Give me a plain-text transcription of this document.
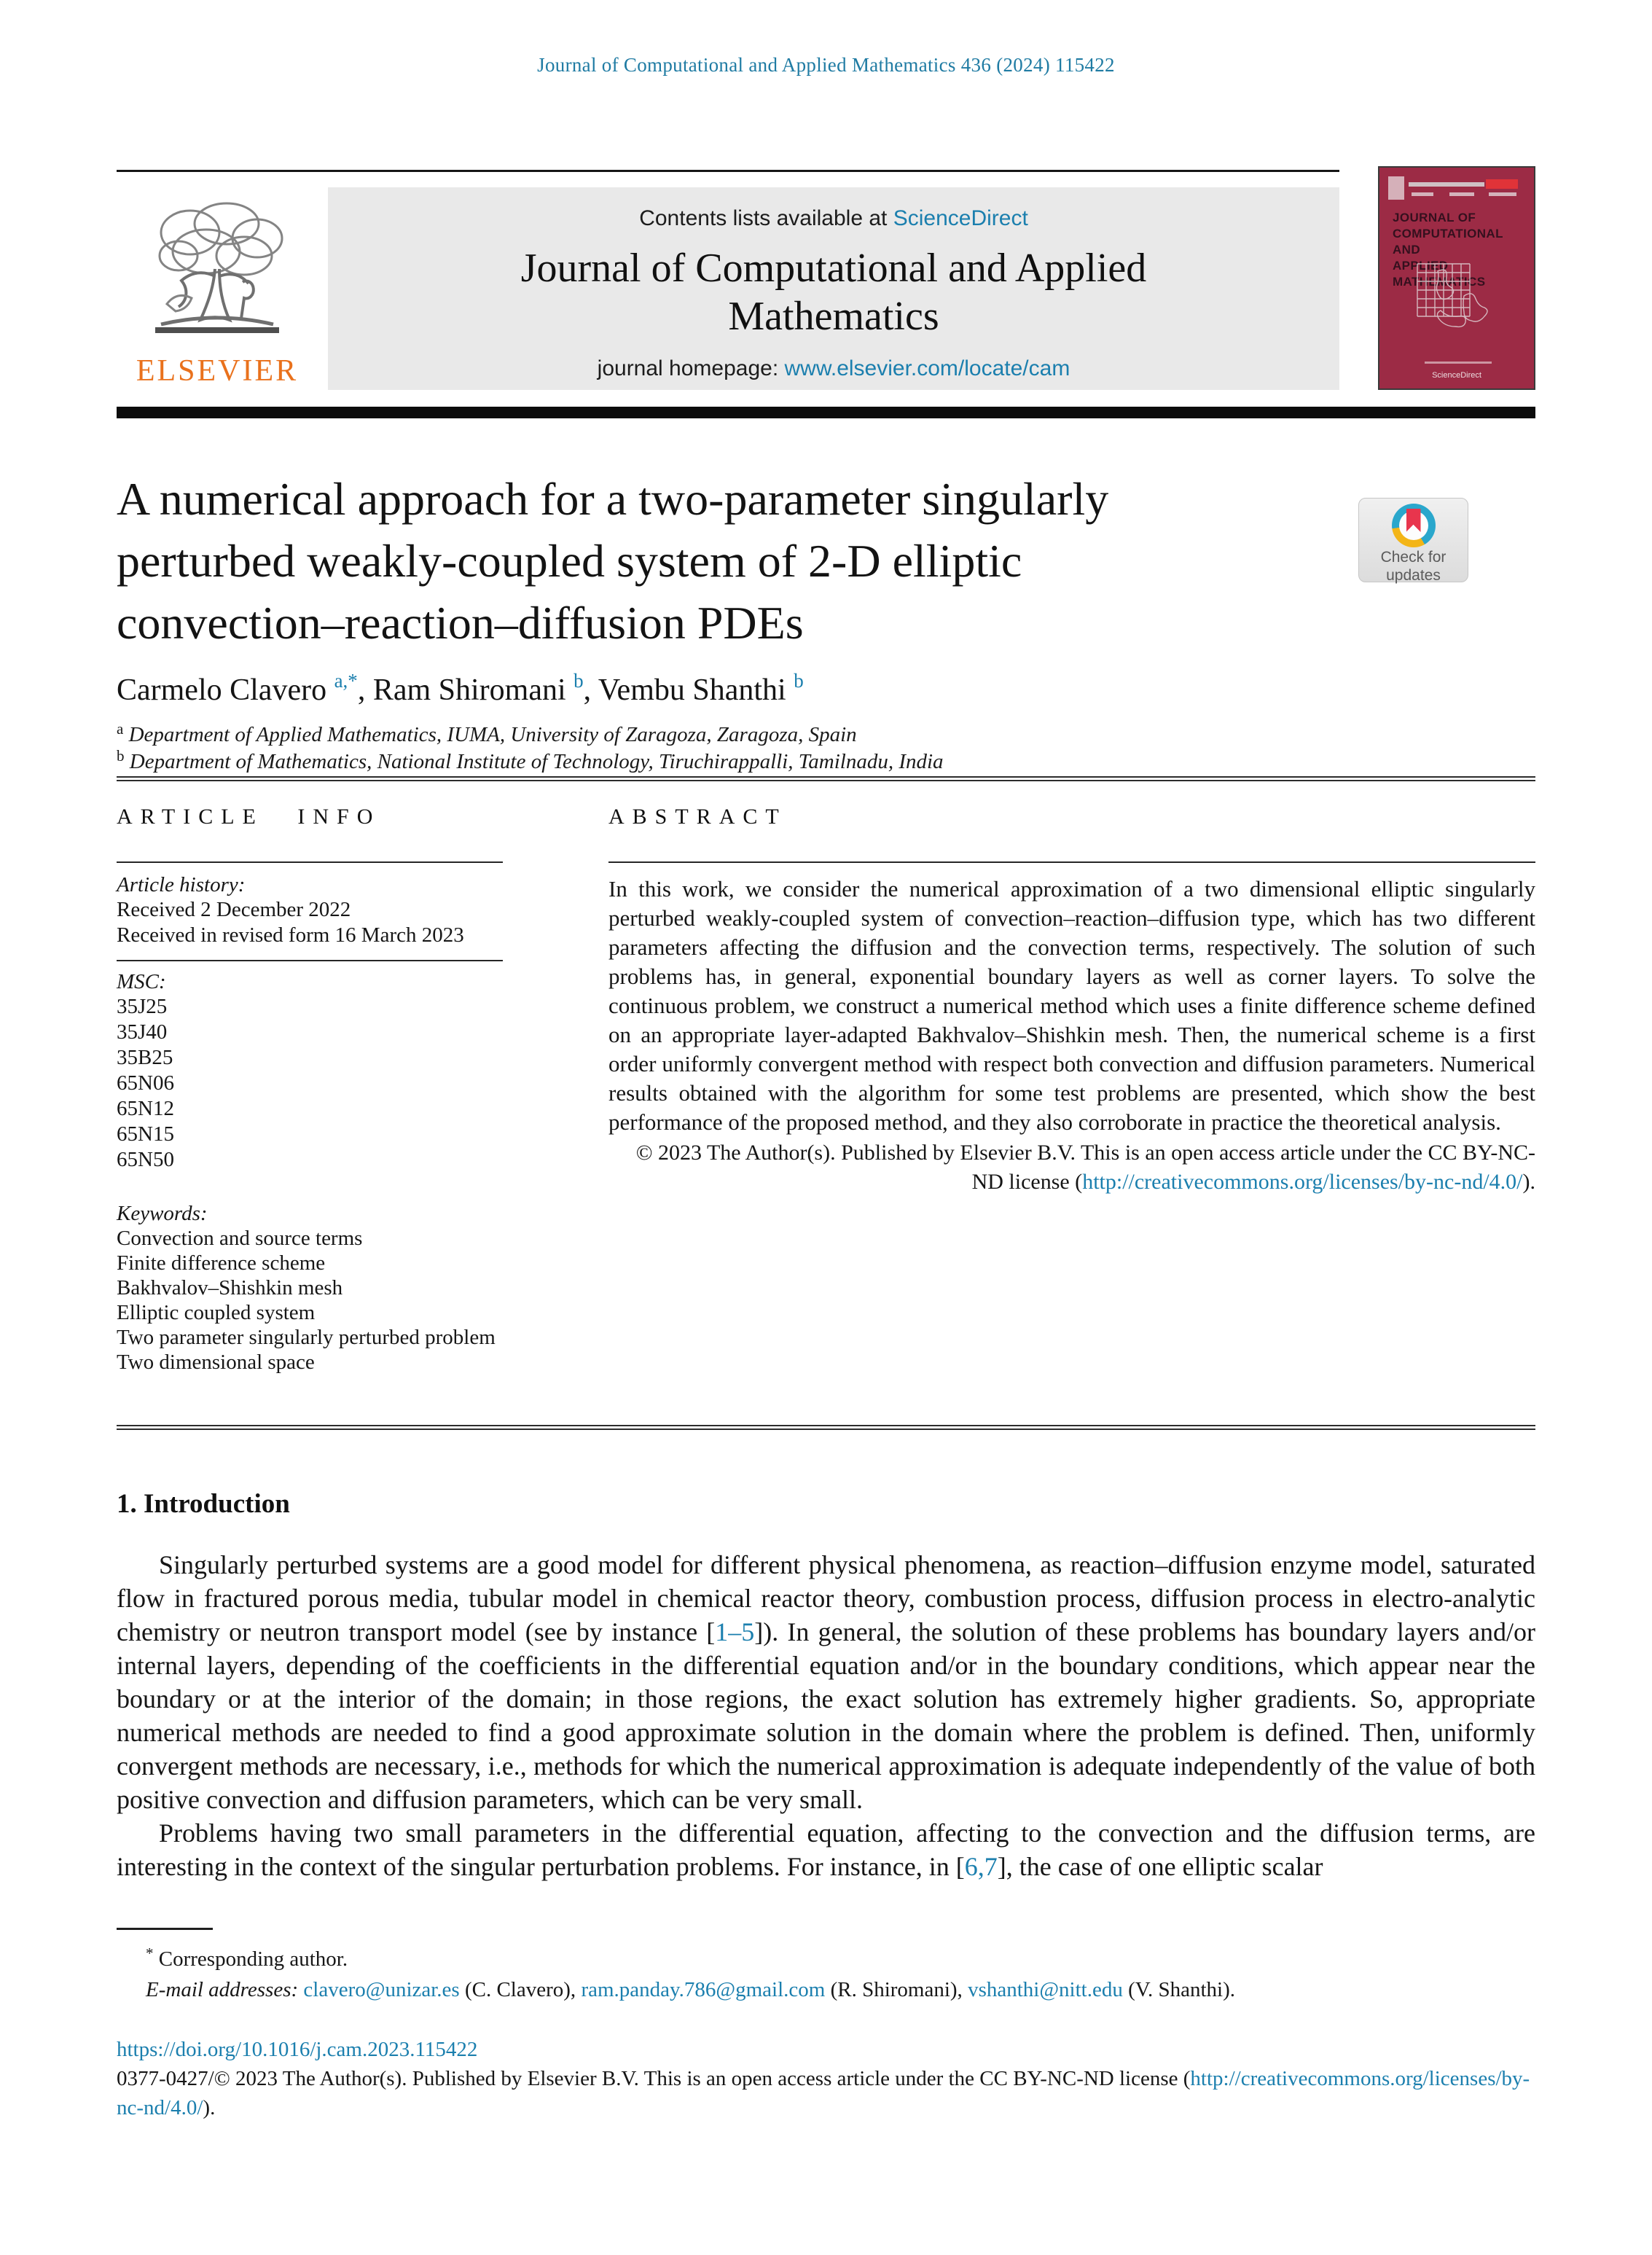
Journal of Computational and Applied Mathematics 436 (2024) 115422
ELSEVIER
Contents lists available at ScienceDirect
Journal of Computational and Applied
Mathematics
journal homepage: www.elsevier.com/locate/cam
JOURNAL OF
COMPUTATIONAL AND
APPLIED MATHEMATICS
ScienceDirect
A numerical approach for a two-parameter singularly
perturbed weakly-coupled system of 2-D elliptic
convection–reaction–diffusion PDEs
Carmelo Clavero $^{a,*}$, Ram Shiromani $^b$, Vembu Shanthi $^b$
$^a$ Department of Applied Mathematics, IUMA, University of Zaragoza, Zaragoza, Spain
$^b$ Department of Mathematics, National Institute of Technology, Tiruchirappalli, Tamilnadu, India
Check for
updates
ARTICLE INFO
Article history:
Received 2 December 2022
Received in revised form 16 March 2023
MSC:
35J25
35J40
35B25
65N06
65N12
65N15
65N50
Keywords:
Convection and source terms
Finite difference scheme
Bakhvalov–Shishkin mesh
Elliptic coupled system
Two parameter singularly perturbed problem
Two dimensional space
ABSTRACT
In this work, we consider the numerical approximation of a two dimensional elliptic singularly perturbed weakly-coupled system of convection–reaction–diffusion type, which has two different parameters affecting the diffusion and the convection terms, respectively. The solution of such problems has, in general, exponential boundary layers as well as corner layers. To solve the continuous problem, we construct a numerical method which uses a finite difference scheme defined on an appropriate layer-adapted Bakhvalov–Shishkin mesh. Then, the numerical scheme is a first order uniformly convergent method with respect both convection and diffusion parameters. Numerical results obtained with the algorithm for some test problems are presented, which show the best performance of the proposed method, and they also corroborate in practice the theoretical analysis.
© 2023 The Author(s). Published by Elsevier B.V. This is an open access article under the CC BY-NC-ND license (http://creativecommons.org/licenses/by-nc-nd/4.0/).
1. Introduction

Singularly perturbed systems are a good model for different physical phenomena, as reaction–diffusion enzyme model, saturated flow in fractured porous media, tubular model in chemical reactor theory, combustion process, diffusion process in electro-analytic chemistry or neutron transport model (see by instance [1–5]). In general, the solution of these problems has boundary layers and/or internal layers, depending of the coefficients in the differential equation and/or in the boundary conditions, which appear near the boundary or at the interior of the domain; in those regions, the exact solution has extremely higher gradients. So, appropriate numerical methods are needed to find a good approximate solution in the domain where the problem is defined. Then, uniformly convergent methods are necessary, i.e., methods for which the numerical approximation is adequate independently of the value of both positive convection and diffusion parameters, which can be very small.

Problems having two small parameters in the differential equation, affecting to the convection and the diffusion terms, are interesting in the context of the singular perturbation problems. For instance, in [6,7], the case of one elliptic scalar

* Corresponding author.
E-mail addresses: clavero@unizar.es (C. Clavero), ram.panday.786@gmail.com (R. Shiromani), vshanthi@nitt.edu (V. Shanthi).
https://doi.org/10.1016/j.cam.2023.115422
0377-0427/© 2023 The Author(s). Published by Elsevier B.V. This is an open access article under the CC BY-NC-ND license (http://creativecommons.org/licenses/by-nc-nd/4.0/).
